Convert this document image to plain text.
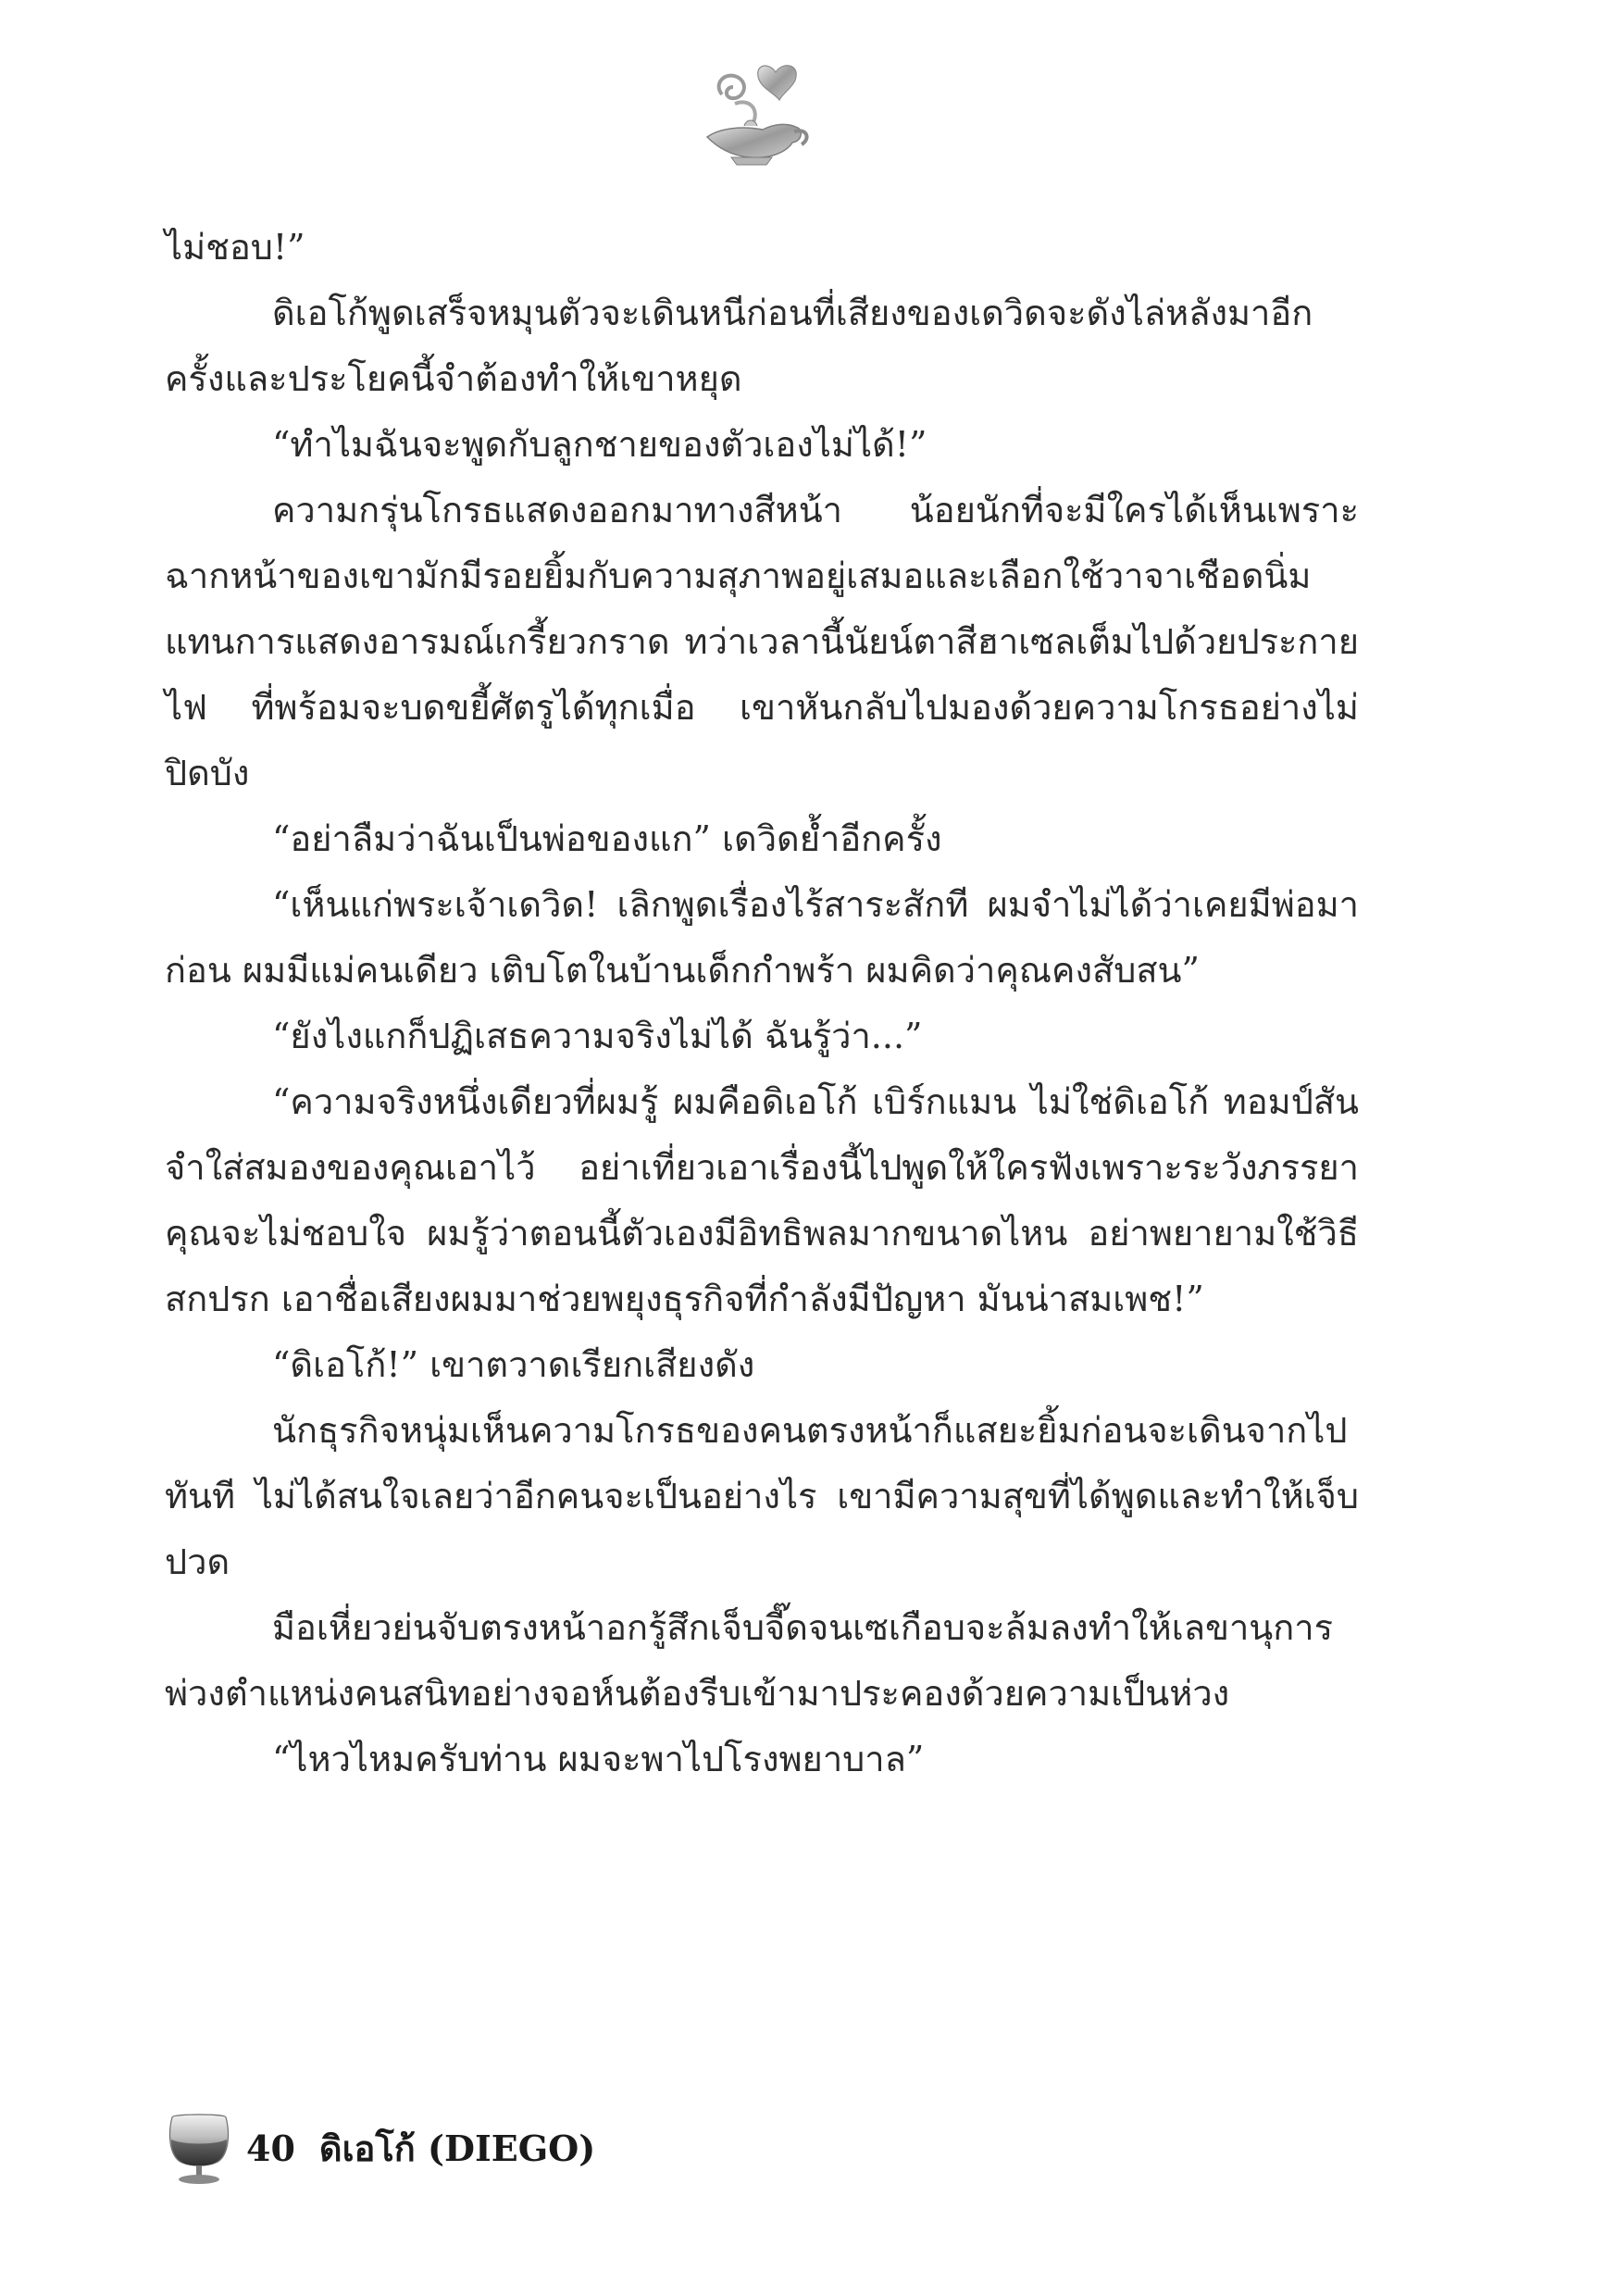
ไม่ชอบ!”

ดิเอโก้พูดเสร็จหมุนตัวจะเดินหนีก่อนที่เสียงของเดวิดจะดังไล่หลังมาอีกครั้งและประโยคนี้จำต้องทำให้เขาหยุด

“ทำไมฉันจะพูดกับลูกชายของตัวเองไม่ได้!”

ความกรุ่นโกรธแสดงออกมาทางสีหน้า น้อยนักที่จะมีใครได้เห็นเพราะฉากหน้าของเขามักมีรอยยิ้มกับความสุภาพอยู่เสมอและเลือกใช้วาจาเชือดนิ่มแทนการแสดงอารมณ์เกรี้ยวกราด ทว่าเวลานี้นัยน์ตาสีฮาเซลเต็มไปด้วยประกายไฟ ที่พร้อมจะบดขยี้ศัตรูได้ทุกเมื่อ เขาหันกลับไปมองด้วยความโกรธอย่างไม่ปิดบัง

“อย่าลืมว่าฉันเป็นพ่อของแก” เดวิดย้ำอีกครั้ง

“เห็นแก่พระเจ้าเดวิด! เลิกพูดเรื่องไร้สาระสักที ผมจำไม่ได้ว่าเคยมีพ่อมาก่อน ผมมีแม่คนเดียว เติบโตในบ้านเด็กกำพร้า ผมคิดว่าคุณคงสับสน”

“ยังไงแกก็ปฏิเสธความจริงไม่ได้ ฉันรู้ว่า...”

“ความจริงหนึ่งเดียวที่ผมรู้ ผมคือดิเอโก้ เบิร์กแมน ไม่ใช่ดิเอโก้ ทอมป์สัน จำใส่สมองของคุณเอาไว้ อย่าเที่ยวเอาเรื่องนี้ไปพูดให้ใครฟังเพราะระวังภรรยาคุณจะไม่ชอบใจ ผมรู้ว่าตอนนี้ตัวเองมีอิทธิพลมากขนาดไหน อย่าพยายามใช้วิธีสกปรก เอาชื่อเสียงผมมาช่วยพยุงธุรกิจที่กำลังมีปัญหา มันน่าสมเพช!”

“ดิเอโก้!” เขาตวาดเรียกเสียงดัง

นักธุรกิจหนุ่มเห็นความโกรธของคนตรงหน้าก็แสยะยิ้มก่อนจะเดินจากไปทันที ไม่ได้สนใจเลยว่าอีกคนจะเป็นอย่างไร เขามีความสุขที่ได้พูดและทำให้เจ็บปวด

มือเหี่ยวย่นจับตรงหน้าอกรู้สึกเจ็บจี๊ดจนเซเกือบจะล้มลงทำให้เลขานุการพ่วงตำแหน่งคนสนิทอย่างจอห์นต้องรีบเข้ามาประคองด้วยความเป็นห่วง

“ไหวไหมครับท่าน ผมจะพาไปโรงพยาบาล”

40 ดิเอโก้ (DIEGO)
